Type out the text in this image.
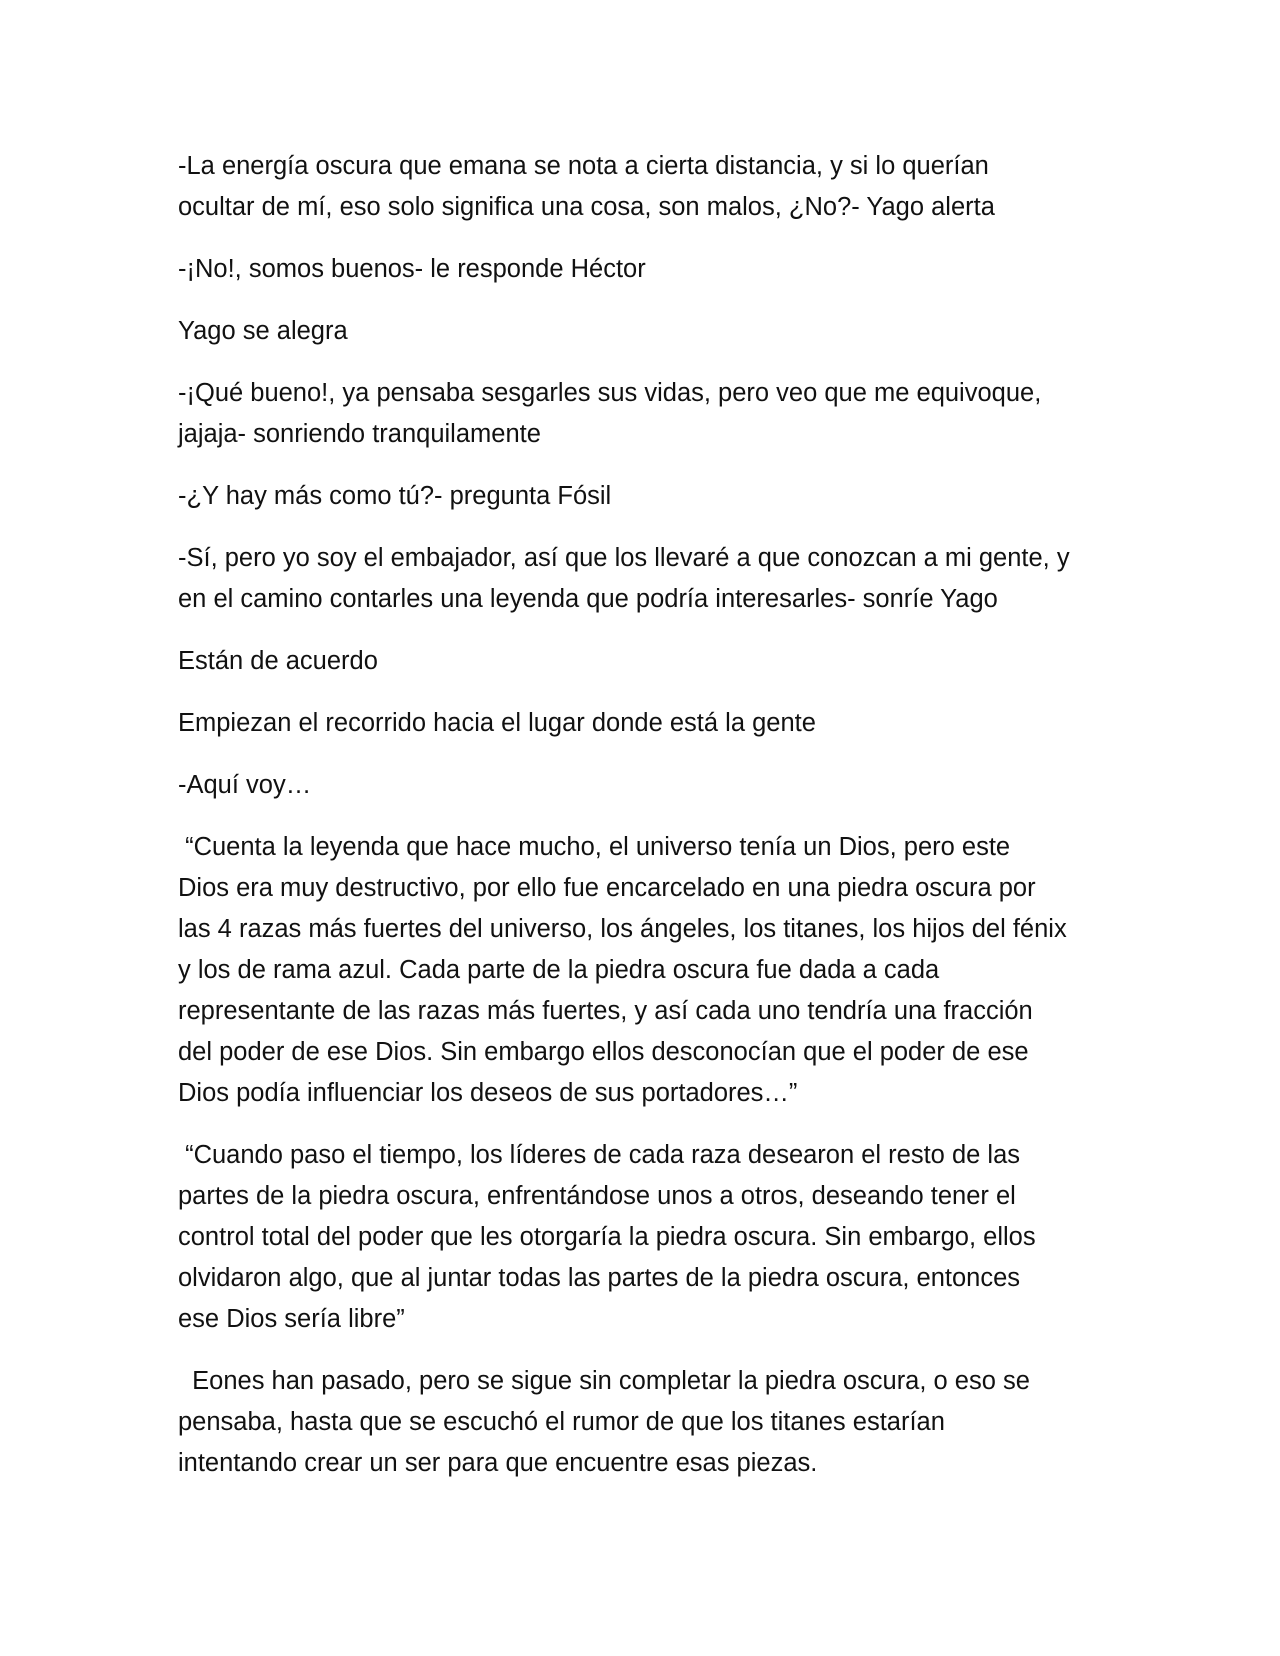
-La energía oscura que emana se nota a cierta distancia, y si lo querían
ocultar de mí, eso solo significa una cosa, son malos, ¿No?- Yago alerta

-¡No!, somos buenos- le responde Héctor

Yago se alegra

-¡Qué bueno!, ya pensaba sesgarles sus vidas, pero veo que me equivoque,
jajaja- sonriendo tranquilamente

-¿Y hay más como tú?- pregunta Fósil

-Sí, pero yo soy el embajador, así que los llevaré a que conozcan a mi gente, y
en el camino contarles una leyenda que podría interesarles- sonríe Yago

Están de acuerdo

Empiezan el recorrido hacia el lugar donde está la gente

-Aquí voy…

“Cuenta la leyenda que hace mucho, el universo tenía un Dios, pero este
Dios era muy destructivo, por ello fue encarcelado en una piedra oscura por
las 4 razas más fuertes del universo, los ángeles, los titanes, los hijos del fénix
y los de rama azul. Cada parte de la piedra oscura fue dada a cada
representante de las razas más fuertes, y así cada uno tendría una fracción
del poder de ese Dios. Sin embargo ellos desconocían que el poder de ese
Dios podía influenciar los deseos de sus portadores…”

“Cuando paso el tiempo, los líderes de cada raza desearon el resto de las
partes de la piedra oscura, enfrentándose unos a otros, deseando tener el
control total del poder que les otorgaría la piedra oscura. Sin embargo, ellos
olvidaron algo, que al juntar todas las partes de la piedra oscura, entonces
ese Dios sería libre”

Eones han pasado, pero se sigue sin completar la piedra oscura, o eso se
pensaba, hasta que se escuchó el rumor de que los titanes estarían
intentando crear un ser para que encuentre esas piezas.
